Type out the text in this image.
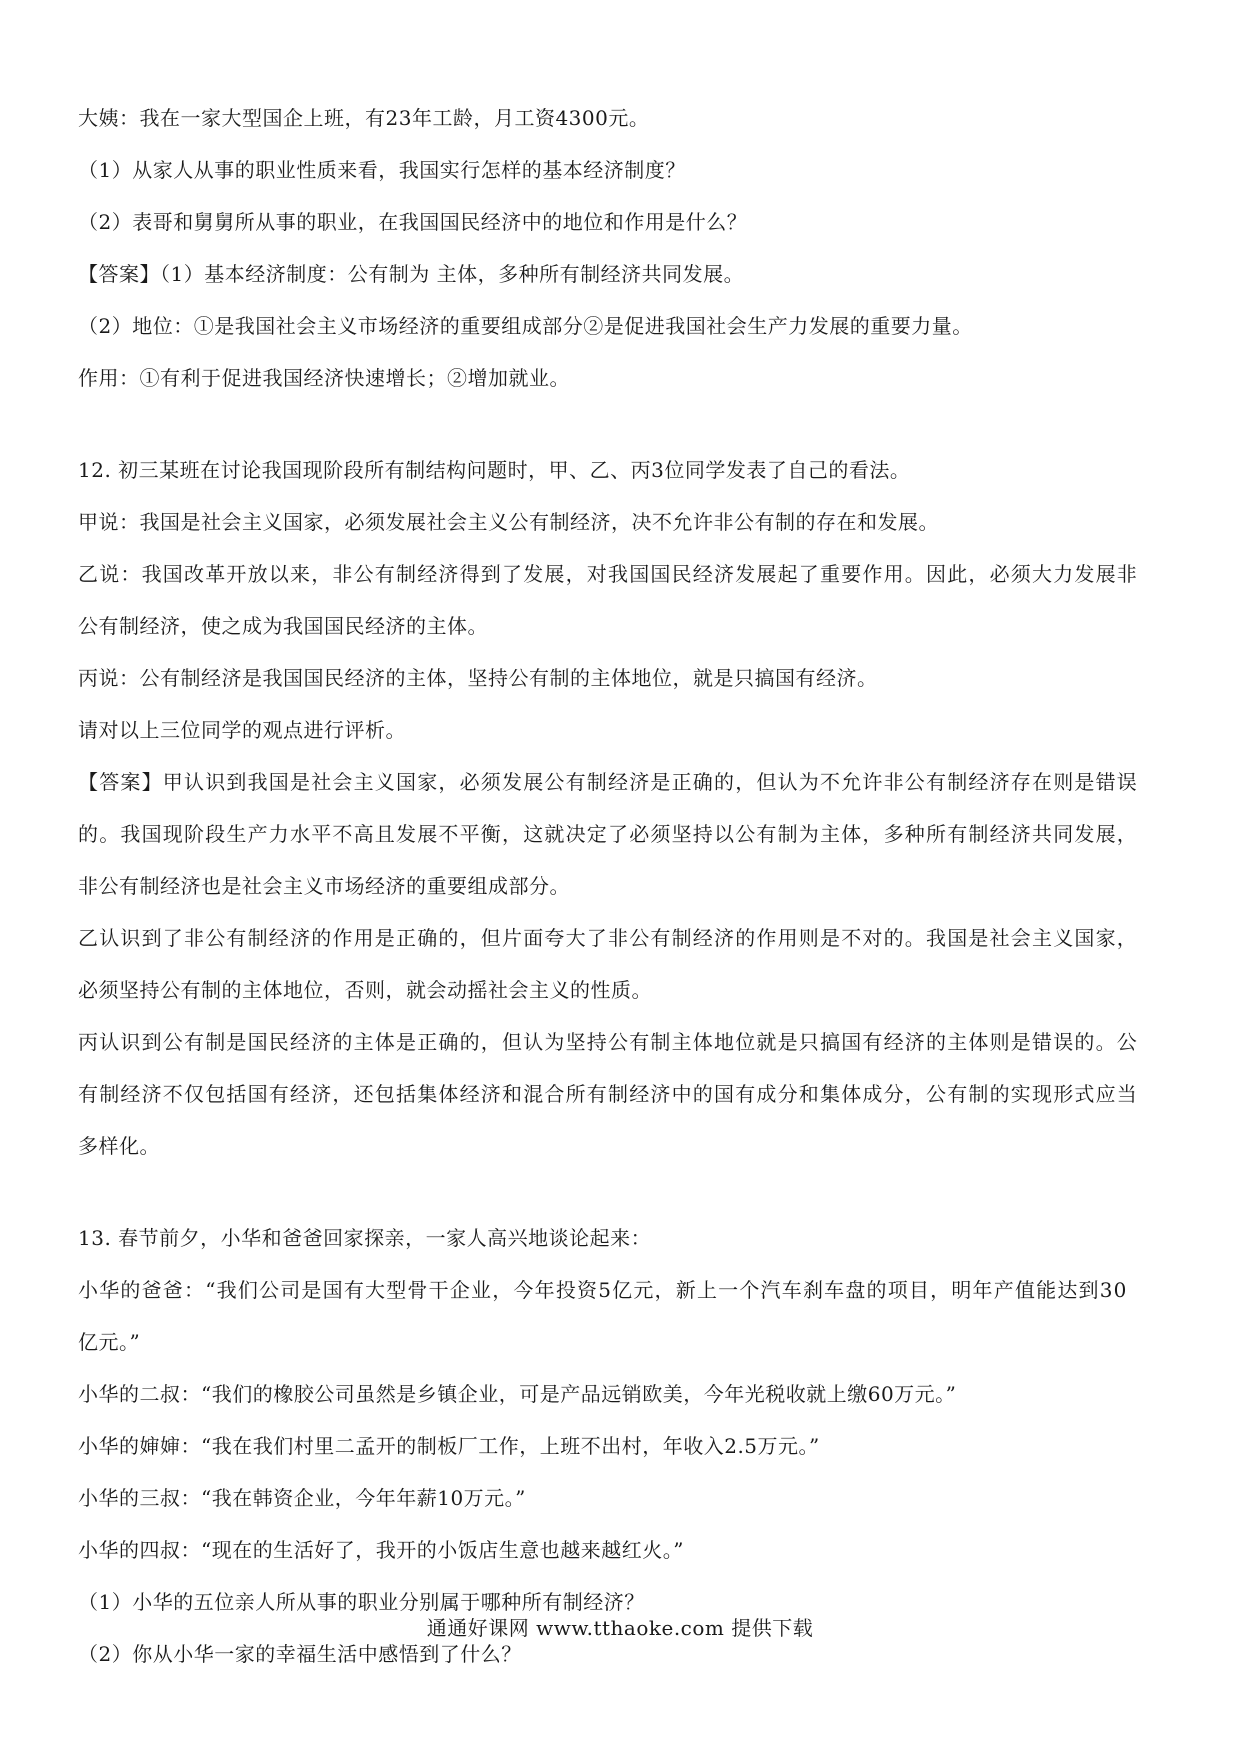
大姨：我在一家大型国企上班，有23年工龄，月工资4300元。
（1）从家人从事的职业性质来看，我国实行怎样的基本经济制度？
（2）表哥和舅舅所从事的职业，在我国国民经济中的地位和作用是什么？
【答案】（1）基本经济制度：公有制为 主体，多种所有制经济共同发展。
（2）地位：①是我国社会主义市场经济的重要组成部分②是促进我国社会生产力发展的重要力量。
作用：①有利于促进我国经济快速增长；②增加就业。
12. 初三某班在讨论我国现阶段所有制结构问题时，甲、乙、丙3位同学发表了自己的看法。
甲说：我国是社会主义国家，必须发展社会主义公有制经济，决不允许非公有制的存在和发展。
乙说：我国改革开放以来，非公有制经济得到了发展，对我国国民经济发展起了重要作用。因此，必须大力发展非
公有制经济，使之成为我国国民经济的主体。
丙说：公有制经济是我国国民经济的主体，坚持公有制的主体地位，就是只搞国有经济。
请对以上三位同学的观点进行评析。
【答案】甲认识到我国是社会主义国家，必须发展公有制经济是正确的，但认为不允许非公有制经济存在则是错误
的。我国现阶段生产力水平不高且发展不平衡，这就决定了必须坚持以公有制为主体，多种所有制经济共同发展，
非公有制经济也是社会主义市场经济的重要组成部分。
乙认识到了非公有制经济的作用是正确的，但片面夸大了非公有制经济的作用则是不对的。我国是社会主义国家，
必须坚持公有制的主体地位，否则，就会动摇社会主义的性质。
丙认识到公有制是国民经济的主体是正确的，但认为坚持公有制主体地位就是只搞国有经济的主体则是错误的。公
有制经济不仅包括国有经济，还包括集体经济和混合所有制经济中的国有成分和集体成分，公有制的实现形式应当
多样化。
13. 春节前夕，小华和爸爸回家探亲，一家人高兴地谈论起来：
小华的爸爸：“我们公司是国有大型骨干企业，今年投资5亿元，新上一个汽车刹车盘的项目，明年产值能达到30
亿元。”
小华的二叔：“我们的橡胶公司虽然是乡镇企业，可是产品远销欧美，今年光税收就上缴60万元。”
小华的婶婶：“我在我们村里二孟开的制板厂工作，上班不出村，年收入2.5万元。”
小华的三叔：“我在韩资企业，今年年薪10万元。”
小华的四叔：“现在的生活好了，我开的小饭店生意也越来越红火。”
（1）小华的五位亲人所从事的职业分别属于哪种所有制经济？
（2）你从小华一家的幸福生活中感悟到了什么？
通通好课网 www.tthaoke.com 提供下载
